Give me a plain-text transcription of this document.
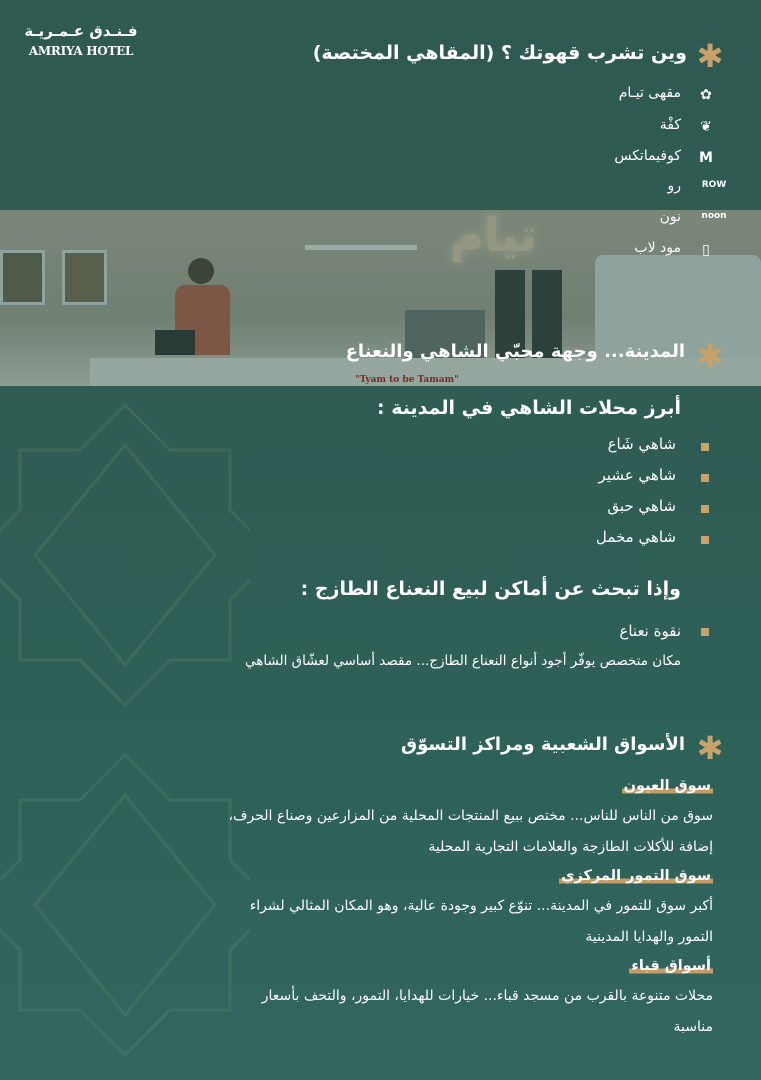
تيام
"Tyam to be Tamam"
فـنـدق عـمـريـة
AMRIYA HOTEL	✱
وين تشرب قهوتك ؟ (المقاهي المختصة)
✿
مقهى تيـام
❦
كفْة
M
كوفيماتكس
ROW
رو
noon
نون
▯
مود لاب
✱
المدينة... وجهة محبّي الشاهي والنعناع
أبرز محلات الشاهي في المدينة :
شاهي شَاع
شاهي عشير
شاهي حبق
شاهي مخمل
وإذا تبحث عن أماكن لبيع النعناع الطازج :
نقوة نعناع
مكان متخصص يوفّر أجود أنواع النعناع الطازج... مقصد أساسي لعشّاق الشاهي
✱
الأسواق الشعبية ومراكز التسوّق
سوق العيون
سوق من الناس للناس... مختص ببيع المنتجات المحلية من المزارعين وصناع الحرف،
إضافة للأكلات الطازجة والعلامات التجارية المحلية
سوق التمور المركزي
أكبر سوق للتمور في المدينة... تنوّع كبير وجودة عالية، وهو المكان المثالي لشراء
التمور والهدايا المدينية
أسواق قباء
محلات متنوعة بالقرب من مسجد قباء... خيارات للهدايا، التمور، والتحف بأسعار
مناسبة
